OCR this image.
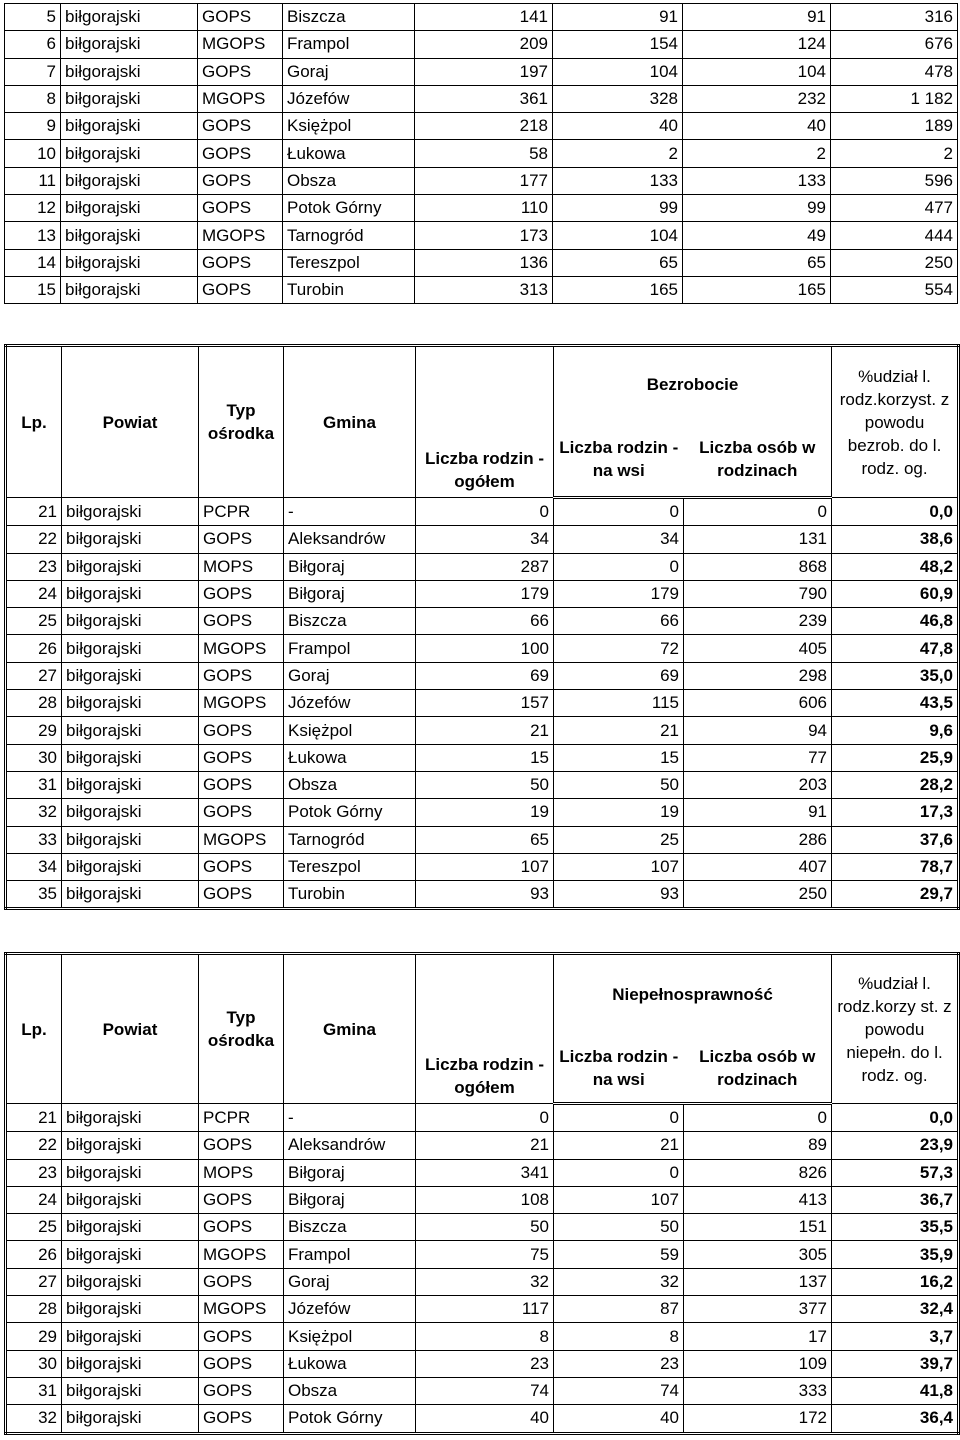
5	biłgorajski	GOPS	Biszcza	141	91	91	316
6	biłgorajski	MGOPS	Frampol	209	154	124	676
7	biłgorajski	GOPS	Goraj	197	104	104	478
8	biłgorajski	MGOPS	Józefów	361	328	232	1 182
9	biłgorajski	GOPS	Księżpol	218	40	40	189
10	biłgorajski	GOPS	Łukowa	58	2	2	2
11	biłgorajski	GOPS	Obsza	177	133	133	596
12	biłgorajski	GOPS	Potok Górny	110	99	99	477
13	biłgorajski	MGOPS	Tarnogród	173	104	49	444
14	biłgorajski	GOPS	Tereszpol	136	65	65	250
15	biłgorajski	GOPS	Turobin	313	165	165	554
Lp.	Powiat	Typ ośrodka	Gmina	Liczba rodzin - ogółem	Bezrobocie		%udział l. rodz.korzyst. z powodu bezrob. do l. rodz. og.
					Liczba rodzin - na wsi	Liczba osób w rodzinach	
21	biłgorajski	PCPR	-	0	0	0	0,0
22	biłgorajski	GOPS	Aleksandrów	34	34	131	38,6
23	biłgorajski	MOPS	Biłgoraj	287	0	868	48,2
24	biłgorajski	GOPS	Biłgoraj	179	179	790	60,9
25	biłgorajski	GOPS	Biszcza	66	66	239	46,8
26	biłgorajski	MGOPS	Frampol	100	72	405	47,8
27	biłgorajski	GOPS	Goraj	69	69	298	35,0
28	biłgorajski	MGOPS	Józefów	157	115	606	43,5
29	biłgorajski	GOPS	Księżpol	21	21	94	9,6
30	biłgorajski	GOPS	Łukowa	15	15	77	25,9
31	biłgorajski	GOPS	Obsza	50	50	203	28,2
32	biłgorajski	GOPS	Potok Górny	19	19	91	17,3
33	biłgorajski	MGOPS	Tarnogród	65	25	286	37,6
34	biłgorajski	GOPS	Tereszpol	107	107	407	78,7
35	biłgorajski	GOPS	Turobin	93	93	250	29,7
Lp.	Powiat	Typ ośrodka	Gmina	Liczba rodzin - ogółem	Niepełnosprawność		%udział l. rodz.korzy st. z powodu niepełn. do l. rodz. og.
					Liczba rodzin - na wsi	Liczba osób w rodzinach	
21	biłgorajski	PCPR	-	0	0	0	0,0
22	biłgorajski	GOPS	Aleksandrów	21	21	89	23,9
23	biłgorajski	MOPS	Biłgoraj	341	0	826	57,3
24	biłgorajski	GOPS	Biłgoraj	108	107	413	36,7
25	biłgorajski	GOPS	Biszcza	50	50	151	35,5
26	biłgorajski	MGOPS	Frampol	75	59	305	35,9
27	biłgorajski	GOPS	Goraj	32	32	137	16,2
28	biłgorajski	MGOPS	Józefów	117	87	377	32,4
29	biłgorajski	GOPS	Księżpol	8	8	17	3,7
30	biłgorajski	GOPS	Łukowa	23	23	109	39,7
31	biłgorajski	GOPS	Obsza	74	74	333	41,8
32	biłgorajski	GOPS	Potok Górny	40	40	172	36,4
